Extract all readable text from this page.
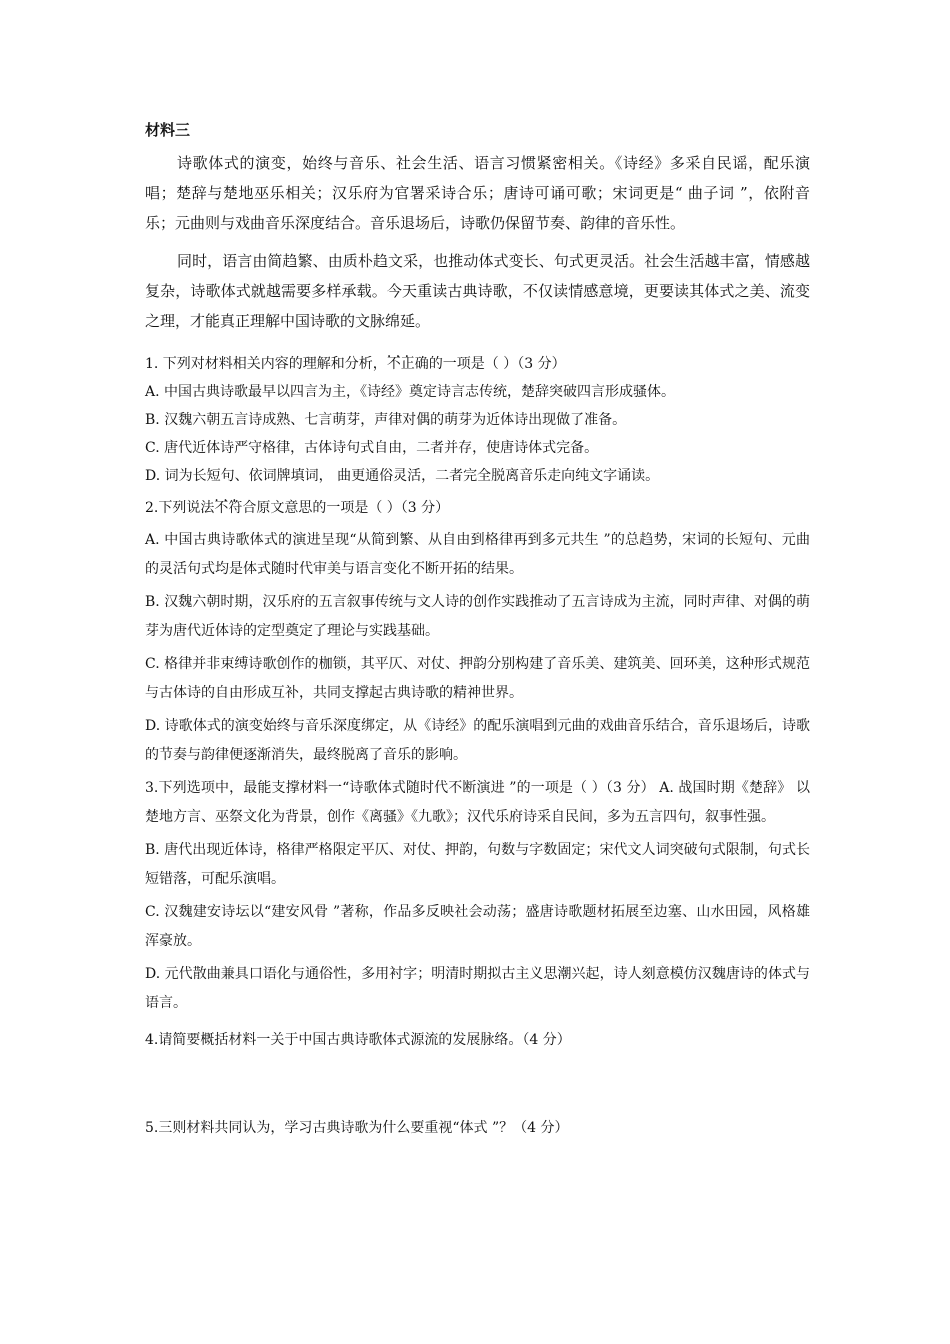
材料三

诗歌体式的演变，始终与音乐、社会生活、语言习惯紧密相关。《诗经》多采自民谣，配乐演唱；楚辞与楚地巫乐相关；汉乐府为官署采诗合乐；唐诗可诵可歌；宋词更是“ 曲子词 ”，依附音乐；元曲则与戏曲音乐深度结合。音乐退场后，诗歌仍保留节奏、韵律的音乐性。

同时，语言由简趋繁、由质朴趋文采，也推动体式变长、句式更灵活。社会生活越丰富，情感越复杂，诗歌体式就越需要多样承载。今天重读古典诗歌，不仅读情感意境，更要读其体式之美、流变之理，才能真正理解中国诗歌的文脉绵延。

1. 下列对材料相关内容的理解和分析，· · · 不正确的一项是（ ）（3 分）

A. 中国古典诗歌最早以四言为主，《诗经》奠定诗言志传统，楚辞突破四言形成骚体。

B. 汉魏六朝五言诗成熟、七言萌芽，声律对偶的萌芽为近体诗出现做了准备。

C. 唐代近体诗严守格律，古体诗句式自由，二者并存，使唐诗体式完备。

D. 词为长短句、依词牌填词， 曲更通俗灵活，二者完全脱离音乐走向纯文字诵读。

2.下列说法· · · 不符合原文意思的一项是（ ）（3 分）

A. 中国古典诗歌体式的演进呈现“从简到繁、从自由到格律再到多元共生 ”的总趋势，宋词的长短句、元曲的灵活句式均是体式随时代审美与语言变化不断开拓的结果。

B. 汉魏六朝时期，汉乐府的五言叙事传统与文人诗的创作实践推动了五言诗成为主流，同时声律、对偶的萌芽为唐代近体诗的定型奠定了理论与实践基础。

C. 格律并非束缚诗歌创作的枷锁，其平仄、对仗、押韵分别构建了音乐美、建筑美、回环美，这种形式规范与古体诗的自由形成互补，共同支撑起古典诗歌的精神世界。

D. 诗歌体式的演变始终与音乐深度绑定，从《诗经》的配乐演唱到元曲的戏曲音乐结合，音乐退场后，诗歌的节奏与韵律便逐渐消失，最终脱离了音乐的影响。

3.下列选项中，最能支撑材料一“诗歌体式随时代不断演进 ”的一项是（ ）（3 分） A. 战国时期《楚辞》 以楚地方言、巫祭文化为背景，创作《离骚》《九歌》；汉代乐府诗采自民间，多为五言四句，叙事性强。

B. 唐代出现近体诗，格律严格限定平仄、对仗、押韵，句数与字数固定；宋代文人词突破句式限制，句式长短错落，可配乐演唱。

C. 汉魏建安诗坛以“建安风骨 ”著称，作品多反映社会动荡；盛唐诗歌题材拓展至边塞、山水田园，风格雄浑豪放。

D. 元代散曲兼具口语化与通俗性，多用衬字；明清时期拟古主义思潮兴起，诗人刻意模仿汉魏唐诗的体式与语言。

4.请简要概括材料一关于中国古典诗歌体式源流的发展脉络。（4 分）

5.三则材料共同认为，学习古典诗歌为什么要重视“体式 ”？（4 分）
